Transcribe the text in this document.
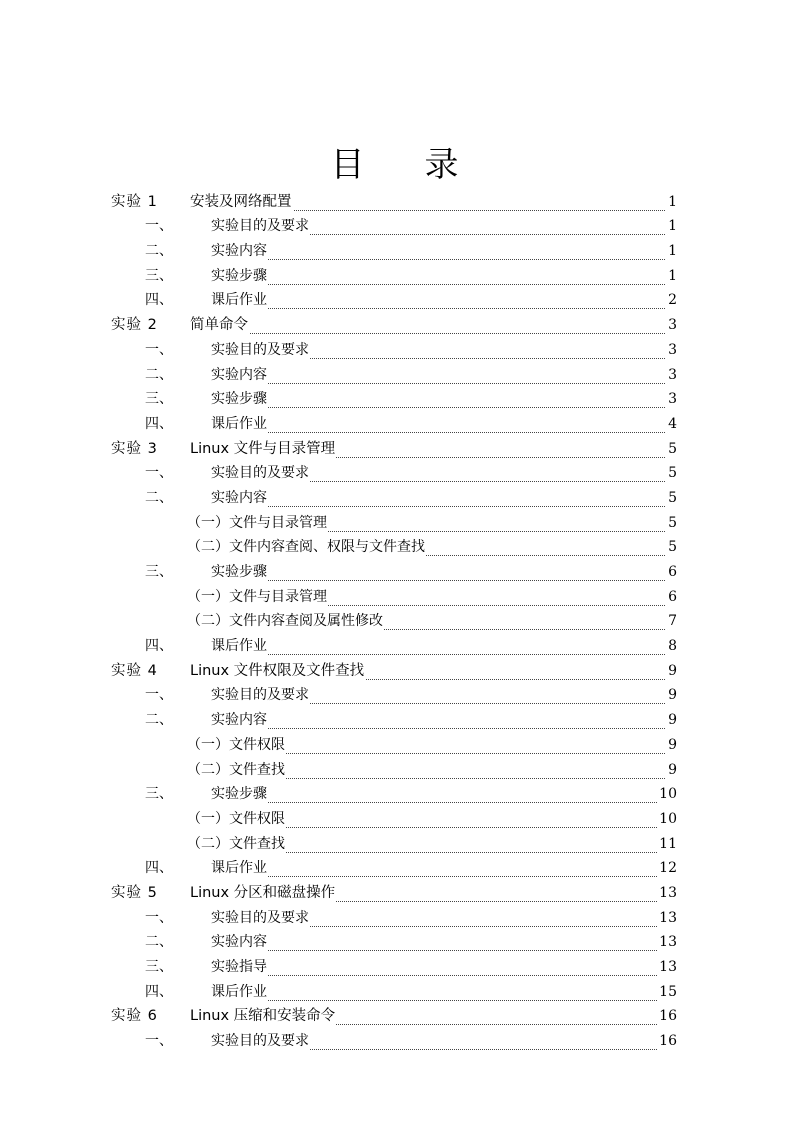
目 录
实验 1 安装及网络配置	1
一、	实验目的及要求	1
二、	实验内容	1
三、	实验步骤	1
四、	课后作业	2
实验 2 简单命令	3
一、	实验目的及要求	3
二、	实验内容	3
三、	实验步骤	3
四、	课后作业	4
实验 3 Linux 文件与目录管理	5
一、	实验目的及要求	5
二、	实验内容	5
（一） 文件与目录管理	5
（二） 文件内容查阅、权限与文件查找	5
三、	实验步骤	6
（一） 文件与目录管理	6
（二） 文件内容查阅及属性修改	7
四、	课后作业	8
实验 4 Linux 文件权限及文件查找	9
一、	实验目的及要求	9
二、	实验内容	9
（一） 文件权限	9
（二） 文件查找	9
三、	实验步骤	10
（一） 文件权限	10
（二） 文件查找	11
四、	课后作业	12
实验 5 Linux 分区和磁盘操作	13
一、	实验目的及要求	13
二、	实验内容	13
三、	实验指导	13
四、	课后作业	15
实验 6 Linux 压缩和安装命令	16
一、	实验目的及要求	16
